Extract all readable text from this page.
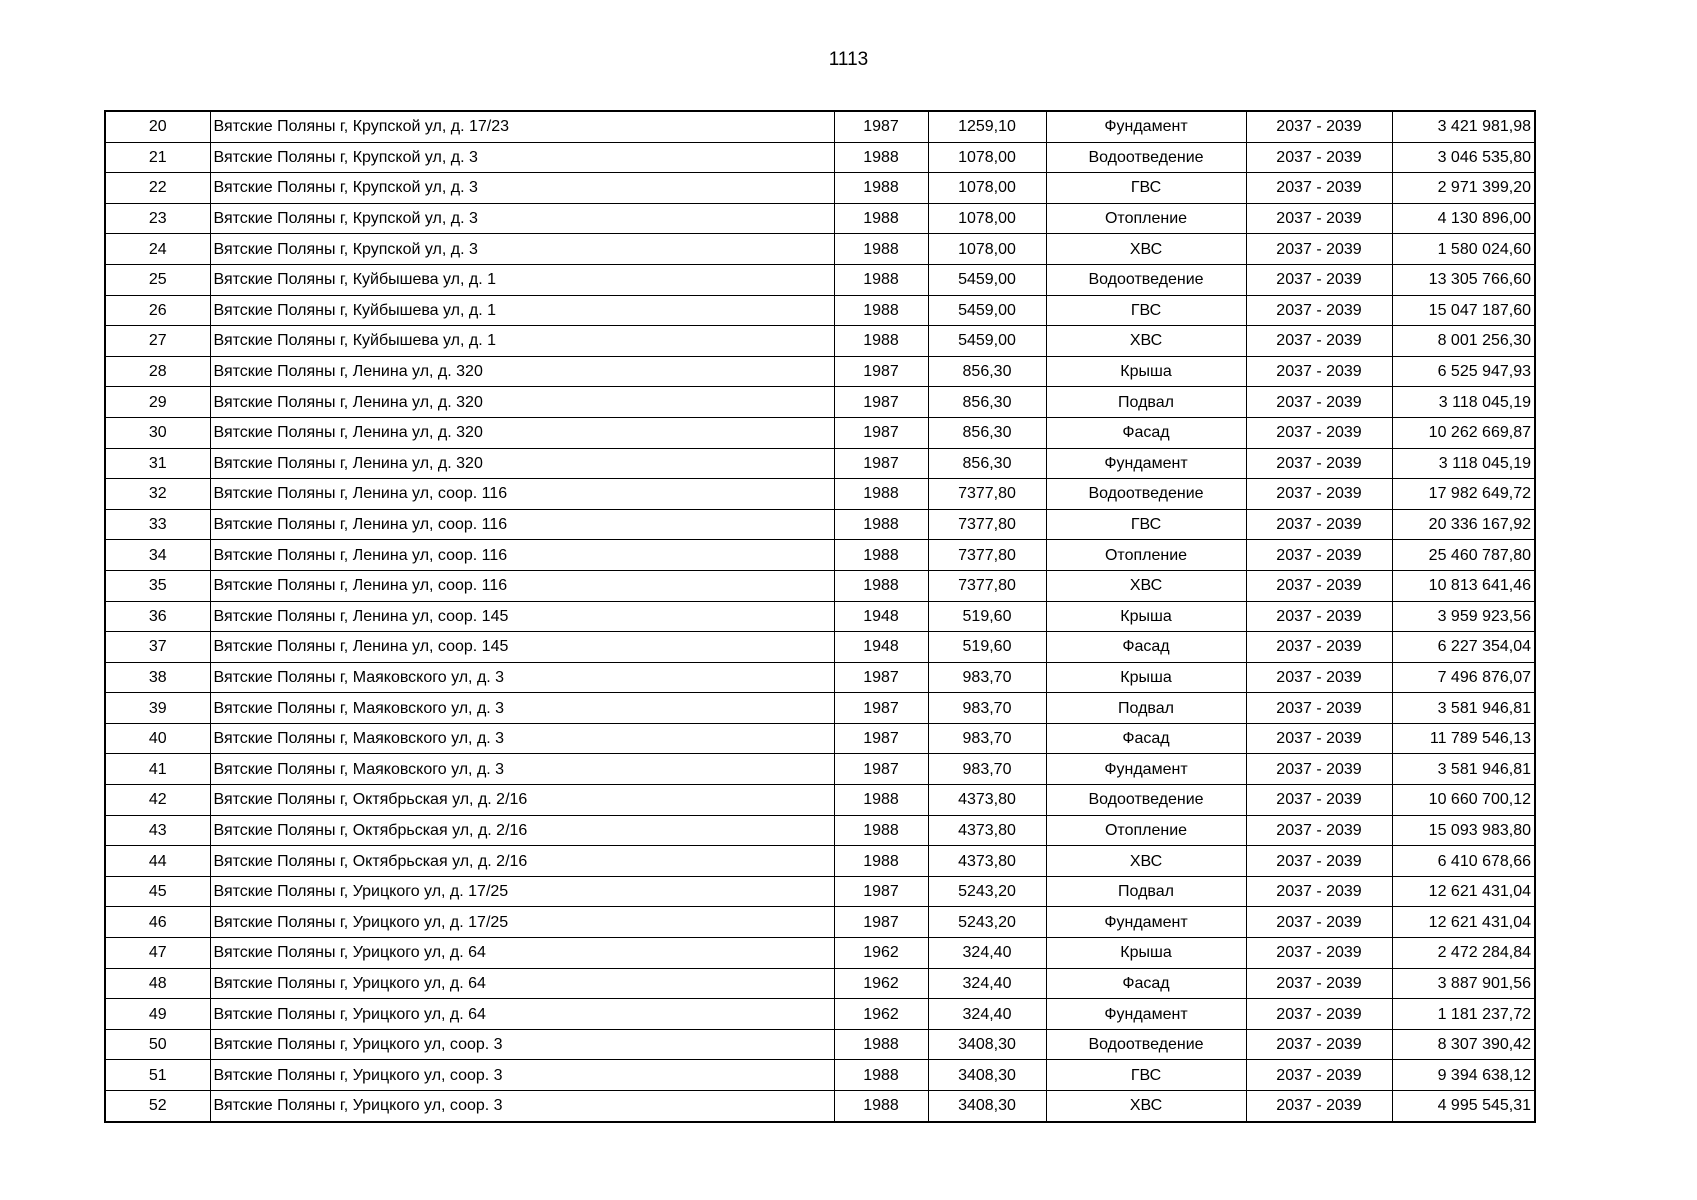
1113
20	Вятские Поляны г, Крупской ул, д. 17/23	1987	1259,10	Фундамент	2037 - 2039	3 421 981,98
21	Вятские Поляны г, Крупской ул, д. 3	1988	1078,00	Водоотведение	2037 - 2039	3 046 535,80
22	Вятские Поляны г, Крупской ул, д. 3	1988	1078,00	ГВС	2037 - 2039	2 971 399,20
23	Вятские Поляны г, Крупской ул, д. 3	1988	1078,00	Отопление	2037 - 2039	4 130 896,00
24	Вятские Поляны г, Крупской ул, д. 3	1988	1078,00	ХВС	2037 - 2039	1 580 024,60
25	Вятские Поляны г, Куйбышева ул, д. 1	1988	5459,00	Водоотведение	2037 - 2039	13 305 766,60
26	Вятские Поляны г, Куйбышева ул, д. 1	1988	5459,00	ГВС	2037 - 2039	15 047 187,60
27	Вятские Поляны г, Куйбышева ул, д. 1	1988	5459,00	ХВС	2037 - 2039	8 001 256,30
28	Вятские Поляны г, Ленина ул, д. 320	1987	856,30	Крыша	2037 - 2039	6 525 947,93
29	Вятские Поляны г, Ленина ул, д. 320	1987	856,30	Подвал	2037 - 2039	3 118 045,19
30	Вятские Поляны г, Ленина ул, д. 320	1987	856,30	Фасад	2037 - 2039	10 262 669,87
31	Вятские Поляны г, Ленина ул, д. 320	1987	856,30	Фундамент	2037 - 2039	3 118 045,19
32	Вятские Поляны г, Ленина ул, соор. 116	1988	7377,80	Водоотведение	2037 - 2039	17 982 649,72
33	Вятские Поляны г, Ленина ул, соор. 116	1988	7377,80	ГВС	2037 - 2039	20 336 167,92
34	Вятские Поляны г, Ленина ул, соор. 116	1988	7377,80	Отопление	2037 - 2039	25 460 787,80
35	Вятские Поляны г, Ленина ул, соор. 116	1988	7377,80	ХВС	2037 - 2039	10 813 641,46
36	Вятские Поляны г, Ленина ул, соор. 145	1948	519,60	Крыша	2037 - 2039	3 959 923,56
37	Вятские Поляны г, Ленина ул, соор. 145	1948	519,60	Фасад	2037 - 2039	6 227 354,04
38	Вятские Поляны г, Маяковского ул, д. 3	1987	983,70	Крыша	2037 - 2039	7 496 876,07
39	Вятские Поляны г, Маяковского ул, д. 3	1987	983,70	Подвал	2037 - 2039	3 581 946,81
40	Вятские Поляны г, Маяковского ул, д. 3	1987	983,70	Фасад	2037 - 2039	11 789 546,13
41	Вятские Поляны г, Маяковского ул, д. 3	1987	983,70	Фундамент	2037 - 2039	3 581 946,81
42	Вятские Поляны г, Октябрьская ул, д. 2/16	1988	4373,80	Водоотведение	2037 - 2039	10 660 700,12
43	Вятские Поляны г, Октябрьская ул, д. 2/16	1988	4373,80	Отопление	2037 - 2039	15 093 983,80
44	Вятские Поляны г, Октябрьская ул, д. 2/16	1988	4373,80	ХВС	2037 - 2039	6 410 678,66
45	Вятские Поляны г, Урицкого ул, д. 17/25	1987	5243,20	Подвал	2037 - 2039	12 621 431,04
46	Вятские Поляны г, Урицкого ул, д. 17/25	1987	5243,20	Фундамент	2037 - 2039	12 621 431,04
47	Вятские Поляны г, Урицкого ул, д. 64	1962	324,40	Крыша	2037 - 2039	2 472 284,84
48	Вятские Поляны г, Урицкого ул, д. 64	1962	324,40	Фасад	2037 - 2039	3 887 901,56
49	Вятские Поляны г, Урицкого ул, д. 64	1962	324,40	Фундамент	2037 - 2039	1 181 237,72
50	Вятские Поляны г, Урицкого ул, соор. 3	1988	3408,30	Водоотведение	2037 - 2039	8 307 390,42
51	Вятские Поляны г, Урицкого ул, соор. 3	1988	3408,30	ГВС	2037 - 2039	9 394 638,12
52	Вятские Поляны г, Урицкого ул, соор. 3	1988	3408,30	ХВС	2037 - 2039	4 995 545,31
